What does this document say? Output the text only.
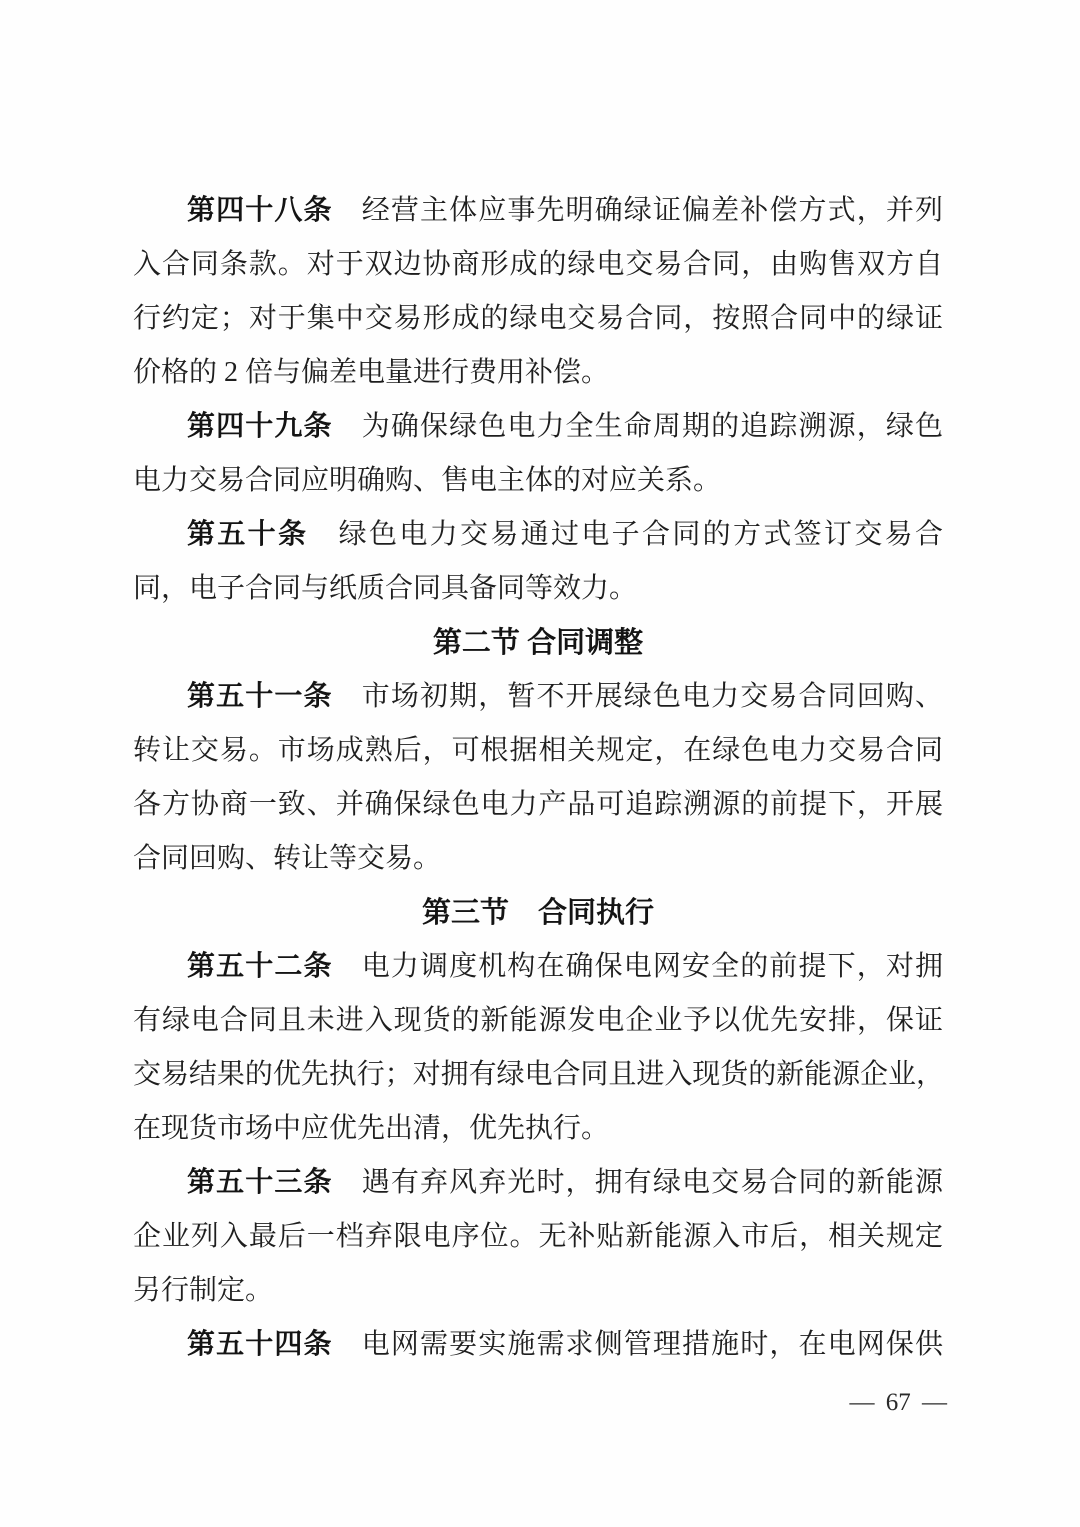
第四十八条　经营主体应事先明确绿证偏差补偿方式，并列
入合同条款。对于双边协商形成的绿电交易合同，由购售双方自
行约定；对于集中交易形成的绿电交易合同，按照合同中的绿证
价格的 2 倍与偏差电量进行费用补偿。
第四十九条　为确保绿色电力全生命周期的追踪溯源，绿色
电力交易合同应明确购、售电主体的对应关系。
第五十条　绿色电力交易通过电子合同的方式签订交易合
同，电子合同与纸质合同具备同等效力。
第二节 合同调整
第五十一条　市场初期，暂不开展绿色电力交易合同回购、
转让交易。市场成熟后，可根据相关规定，在绿色电力交易合同
各方协商一致、并确保绿色电力产品可追踪溯源的前提下，开展
合同回购、转让等交易。
第三节　合同执行
第五十二条　电力调度机构在确保电网安全的前提下，对拥
有绿电合同且未进入现货的新能源发电企业予以优先安排，保证
交易结果的优先执行；对拥有绿电合同且进入现货的新能源企业，
在现货市场中应优先出清，优先执行。
第五十三条　遇有弃风弃光时，拥有绿电交易合同的新能源
企业列入最后一档弃限电序位。无补贴新能源入市后，相关规定
另行制定。
第五十四条　电网需要实施需求侧管理措施时，在电网保供
— 67 —
